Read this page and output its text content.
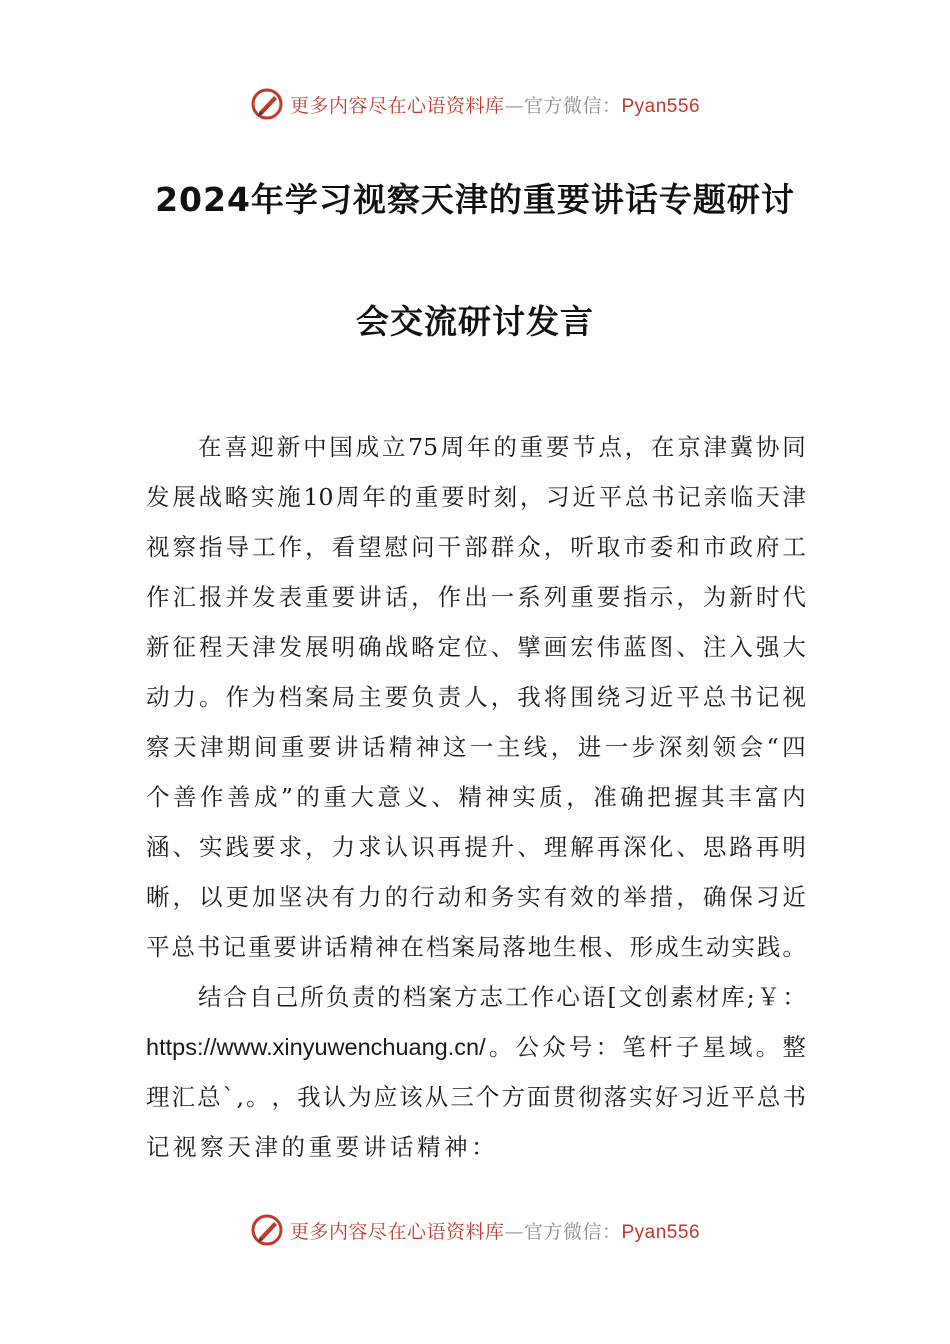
更多内容尽在心语资料库—官方微信：Pyan556
2024年学习视察天津的重要讲话专题研讨
会交流研讨发言
在 喜 迎 新 中 国 成 立 75 周 年 的 重 要 节 点 ， 在 京 津 冀 协 同
发 展 战 略 实 施 10 周 年 的 重 要 时 刻 ， 习 近 平 总 书 记 亲 临 天 津
视 察 指 导 工 作 ， 看 望 慰 问 干 部 群 众 ， 听 取 市 委 和 市 政 府 工
作 汇 报 并 发 表 重 要 讲 话 ， 作 出 一 系 列 重 要 指 示 ， 为 新 时 代
新 征 程 天 津 发 展 明 确 战 略 定 位 、 擘 画 宏 伟 蓝 图 、 注 入 强 大
动 力 。 作 为 档 案 局 主 要 负 责 人 ， 我 将 围 绕 习 近 平 总 书 记 视
察 天 津 期 间 重 要 讲 话 精 神 这 一 主 线 ， 进 一 步 深 刻 领 会 “ 四
个 善 作 善 成 ” 的 重 大 意 义 、 精 神 实 质 ， 准 确 把 握 其 丰 富 内
涵 、 实 践 要 求 ， 力 求 认 识 再 提 升 、 理 解 再 深 化 、 思 路 再 明
晰 ， 以 更 加 坚 决 有 力 的 行 动 和 务 实 有 效 的 举 措 ， 确 保 习 近
平 总 书 记 重 要 讲 话 精 神 在 档 案 局 落 地 生 根 、 形 成 生 动 实 践 。
结 合 自 己 所 负 责 的 档 案 方 志 工 作 心 语 [ 文 创 素 材 库 ; ￥ ：
https://www.xinyuwenchuang.cn/ 。 公 众 号 ： 笔 杆 子 星 域 。 整
理 汇 总 ` , 。 ， 我 认 为 应 该 从 三 个 方 面 贯 彻 落 实 好 习 近 平 总 书
记视察天津的重要讲话精神：
更多内容尽在心语资料库—官方微信：Pyan556
